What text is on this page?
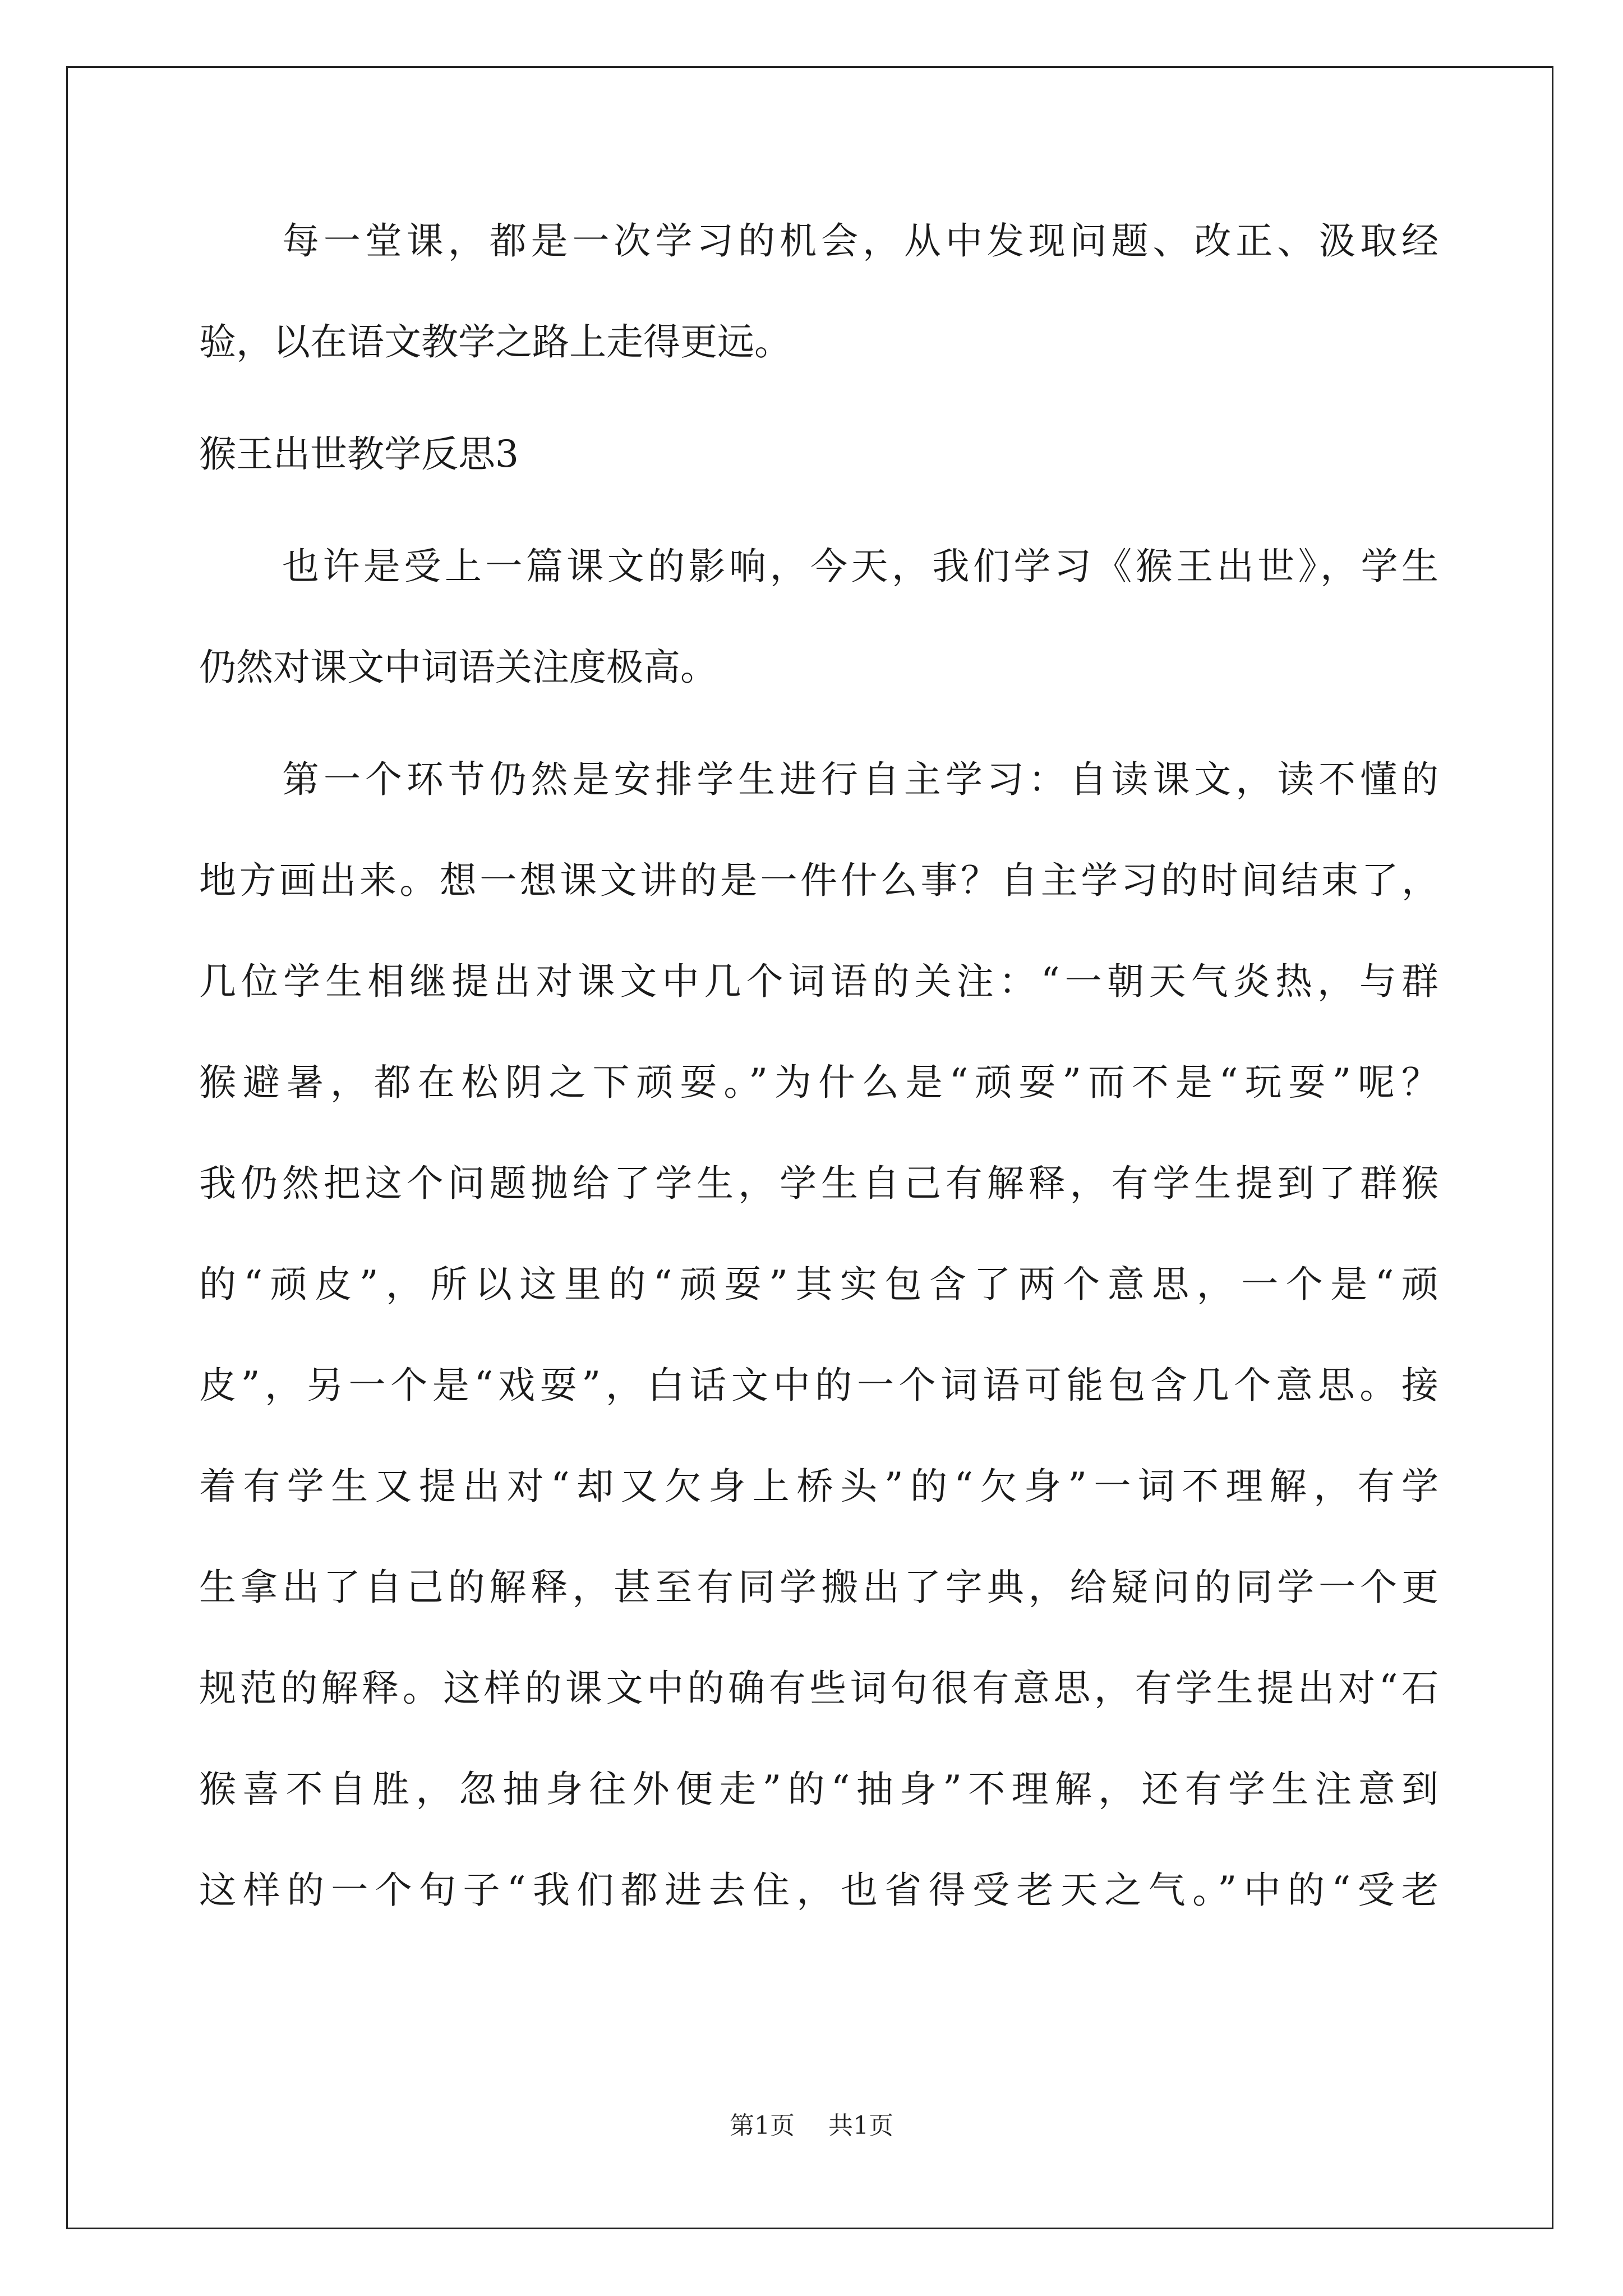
每一堂课，都是一次学习的机会，从中发现问题、改正、汲取经
验，以在语文教学之路上走得更远。
猴王出世教学反思3
也许是受上一篇课文的影响，今天，我们学习《猴王出世》，学生
仍然对课文中词语关注度极高。
第一个环节仍然是安排学生进行自主学习：自读课文，读不懂的
地方画出来。想一想课文讲的是一件什么事？自主学习的时间结束了，
几位学生相继提出对课文中几个词语的关注：“一朝天气炎热，与群
猴避暑，都在松阴之下顽耍。”为什么是“顽耍”而不是“玩耍”呢？
我仍然把这个问题抛给了学生，学生自己有解释，有学生提到了群猴
的“顽皮”，所以这里的“顽耍”其实包含了两个意思，一个是“顽
皮”，另一个是“戏耍”，白话文中的一个词语可能包含几个意思。接
着有学生又提出对“却又欠身上桥头”的“欠身”一词不理解，有学
生拿出了自己的解释，甚至有同学搬出了字典，给疑问的同学一个更
规范的解释。这样的课文中的确有些词句很有意思，有学生提出对“石
猴喜不自胜，忽抽身往外便走”的“抽身”不理解，还有学生注意到
这样的一个句子“我们都进去住，也省得受老天之气。”中的“受老
第1页 共1页
